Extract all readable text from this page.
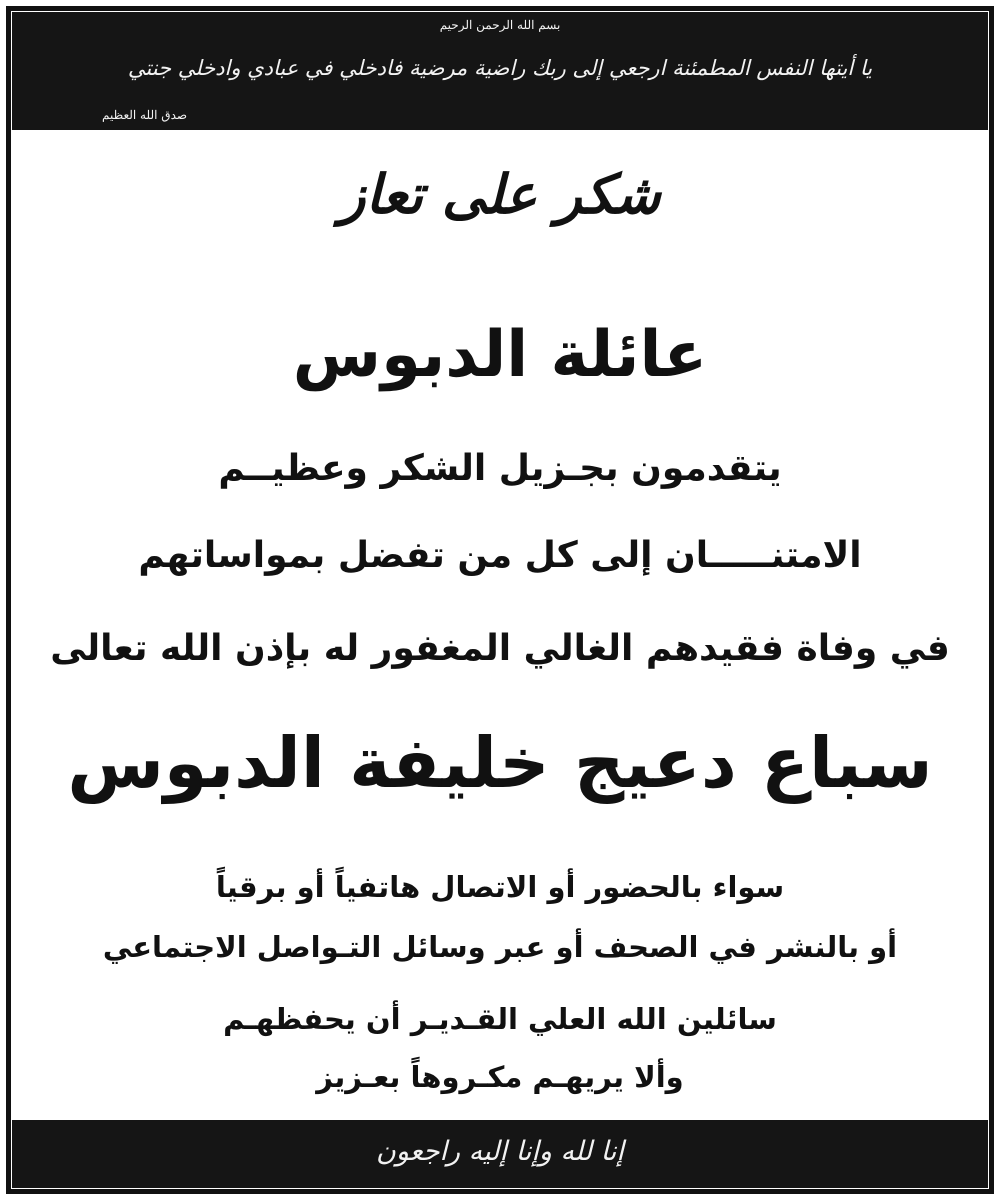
بسم الله الرحمن الرحيم
يا أيتها النفس المطمئنة ارجعي إلى ربك راضية مرضية فادخلي في عبادي وادخلي جنتي
صدق الله العظيم
شكر على تعاز
عائلة الدبوس
يتقدمون بجـزيل الشكر وعظيــم
الامتنـــــان إلى كل من تفضل بمواساتهم
في وفاة فقيدهم الغالي المغفور له بإذن الله تعالى
سباع دعيج خليفة الدبوس
سواء بالحضور أو الاتصال هاتفياً أو برقياً
أو بالنشر في الصحف أو عبر وسائل التـواصل الاجتماعي
سائلين الله العلي القـديـر أن يحفظهـم
وألا يريهـم مكـروهاً بعـزيز
إنا لله وإنا إليه راجعون
